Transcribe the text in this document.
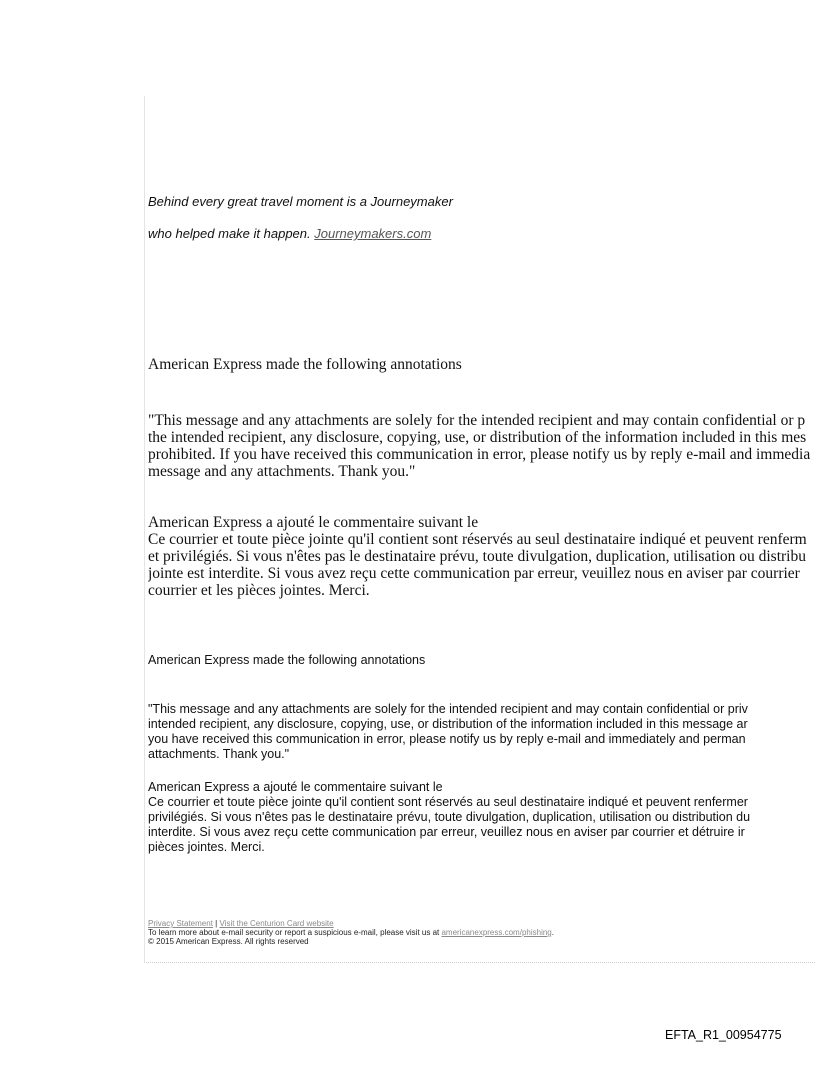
Behind every great travel moment is a Journeymaker
who helped make it happen. Journeymakers.com
American Express made the following annotations
"This message and any attachments are solely for the intended recipient and may contain confidential or p
the intended recipient, any disclosure, copying, use, or distribution of the information included in this mes
prohibited. If you have received this communication in error, please notify us by reply e-mail and immedia
message and any attachments. Thank you."
American Express a ajouté le commentaire suivant le
Ce courrier et toute pièce jointe qu'il contient sont réservés au seul destinataire indiqué et peuvent renferm
et privilégiés. Si vous n'êtes pas le destinataire prévu, toute divulgation, duplication, utilisation ou distribu
jointe est interdite. Si vous avez reçu cette communication par erreur, veuillez nous en aviser par courrier
courrier et les pièces jointes. Merci.
American Express made the following annotations
"This message and any attachments are solely for the intended recipient and may contain confidential or priv
intended recipient, any disclosure, copying, use, or distribution of the information included in this message ar
you have received this communication in error, please notify us by reply e-mail and immediately and perman
attachments. Thank you."
American Express a ajouté le commentaire suivant le
Ce courrier et toute pièce jointe qu'il contient sont réservés au seul destinataire indiqué et peuvent renfermer
privilégiés. Si vous n'êtes pas le destinataire prévu, toute divulgation, duplication, utilisation ou distribution du
interdite. Si vous avez reçu cette communication par erreur, veuillez nous en aviser par courrier et détruire ir
pièces jointes. Merci.
Privacy Statement | Visit the Centurion Card website
To learn more about e-mail security or report a suspicious e-mail, please visit us at americanexpress.com/phishing.
© 2015 American Express. All rights reserved
EFTA_R1_00954775
